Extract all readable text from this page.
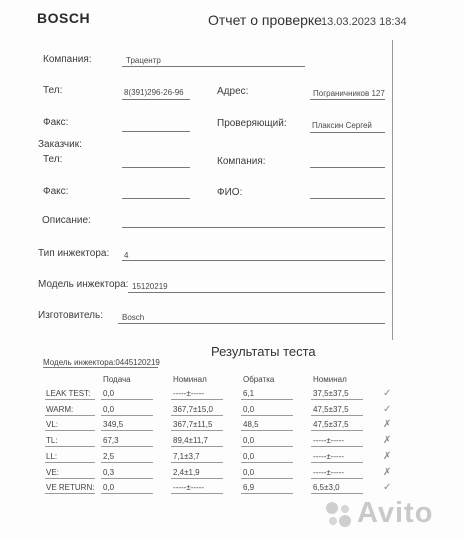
BOSCH	Отчет о проверке 13.03.2023 18:34
Компания:	Трацентр
Тел:	8(391)296-26-96	Адрес:	Пограничников 127
Факс:	Проверяющий:	Плаксин Сергей
Заказчик:
Тел:	Компания:
Факс:	ФИО:
Описание:
Тип инжектора: 4
Модель инжектора: 15120219
Изготовитель: Bosch
Результаты теста
Модель инжектора:0445120219
Подача	Номинал	Обратка	Номинал
LEAK TEST: 0,0	-----±-----	6,1	37,5±37,5	✓
WARM:	0,0	367,7±15,0	0,0	47,5±37,5	✓
VL:	349,5	367,7±11,5	48,5	47,5±37,5	✗
TL:	67,3	89,4±11,7	0,0	-----±-----	✗
LL:	2,5	7,1±3,7	0,0	-----±-----	✗
VE:	0,3	2,4±1,9	0,0	-----±-----	✗
VE RETURN: 0,0	-----±-----	6,9	6,5±3,0	✓
Avito
